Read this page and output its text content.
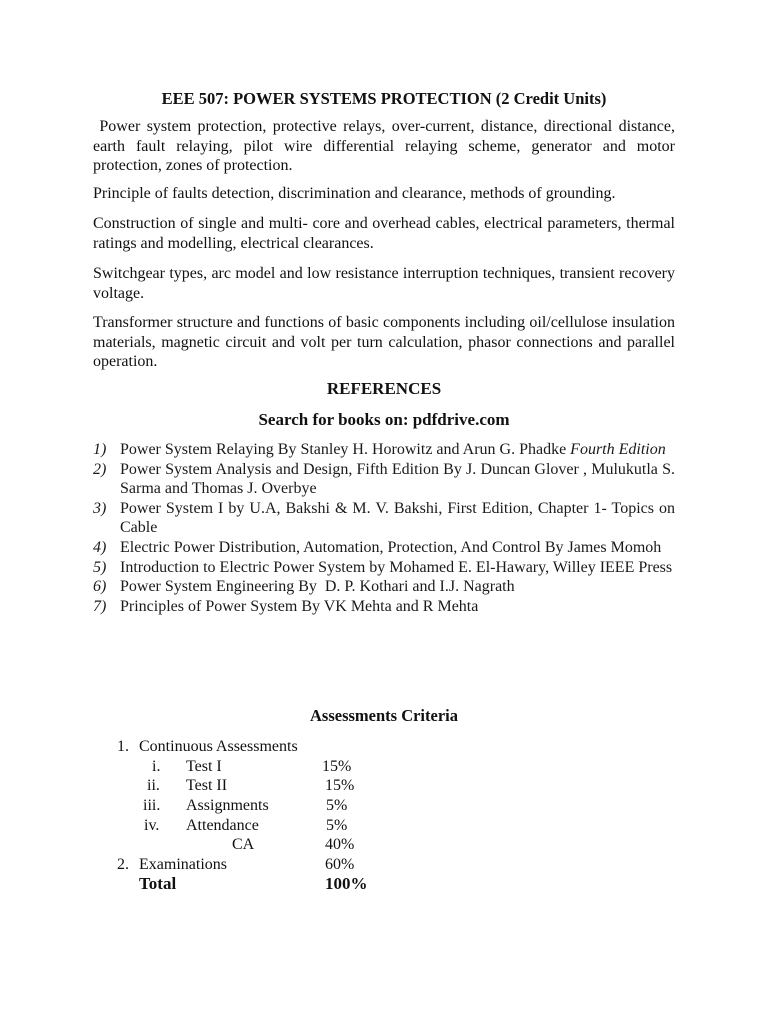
EEE 507: POWER SYSTEMS PROTECTION (2 Credit Units)
Power system protection, protective relays, over-current, distance, directional distance, earth fault relaying, pilot wire differential relaying scheme, generator and motor protection, zones of protection.
Principle of faults detection, discrimination and clearance, methods of grounding.
Construction of single and multi- core and overhead cables, electrical parameters, thermal ratings and modelling, electrical clearances.
Switchgear types, arc model and low resistance interruption techniques, transient recovery voltage.
Transformer structure and functions of basic components including oil/cellulose insulation materials, magnetic circuit and volt per turn calculation, phasor connections and parallel operation.
REFERENCES
Search for books on: pdfdrive.com
1) Power System Relaying By Stanley H. Horowitz and Arun G. Phadke Fourth Edition
2) Power System Analysis and Design, Fifth Edition By J. Duncan Glover , Mulukutla S. Sarma and Thomas J. Overbye
3) Power System I by U.A, Bakshi & M. V. Bakshi, First Edition, Chapter 1- Topics on Cable
4) Electric Power Distribution, Automation, Protection, And Control By James Momoh
5) Introduction to Electric Power System by Mohamed E. El-Hawary, Willey IEEE Press
6) Power System Engineering By  D. P. Kothari and I.J. Nagrath
7) Principles of Power System By VK Mehta and R Mehta
Assessments Criteria
1. Continuous Assessments
i. Test I	15%
ii. Test II	15%
iii. Assignments	5%
iv. Attendance	5%
CA	40%
2. Examinations	60%
Total	100%
